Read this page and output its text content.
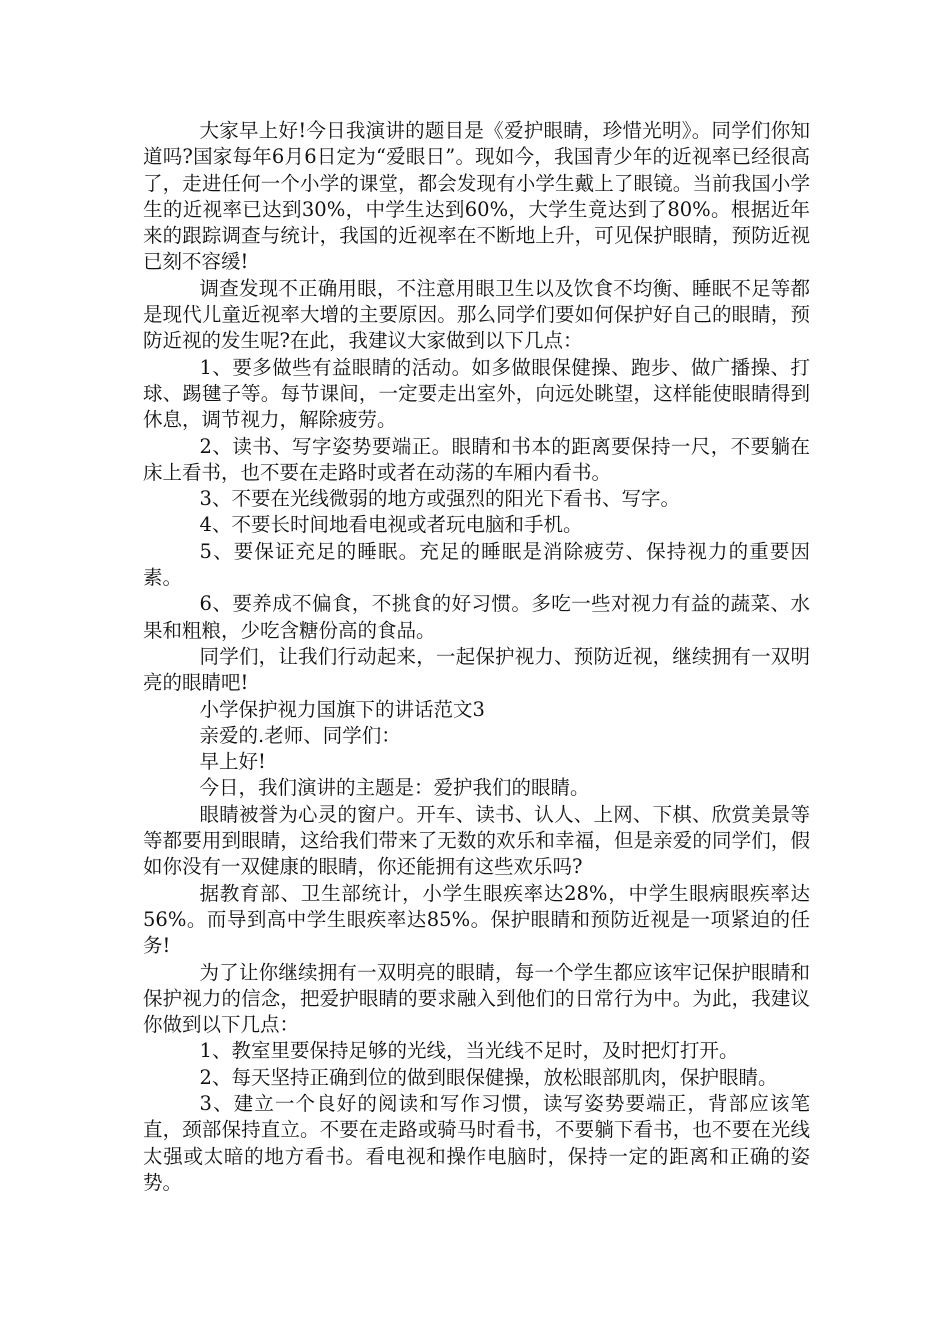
大家早上好!今日我演讲的题目是《爱护眼睛，珍惜光明》。同学们你知道吗?国家每年6月6日定为“爱眼日”。现如今，我国青少年的近视率已经很高了，走进任何一个小学的课堂，都会发现有小学生戴上了眼镜。当前我国小学生的近视率已达到30%，中学生达到60%，大学生竟达到了80%。根据近年来的跟踪调查与统计，我国的近视率在不断地上升，可见保护眼睛，预防近视已刻不容缓!

调查发现不正确用眼，不注意用眼卫生以及饮食不均衡、睡眠不足等都是现代儿童近视率大增的主要原因。那么同学们要如何保护好自己的眼睛，预防近视的发生呢?在此，我建议大家做到以下几点：

1、要多做些有益眼睛的活动。如多做眼保健操、跑步、做广播操、打球、踢毽子等。每节课间，一定要走出室外，向远处眺望，这样能使眼睛得到休息，调节视力，解除疲劳。

2、读书、写字姿势要端正。眼睛和书本的距离要保持一尺，不要躺在床上看书，也不要在走路时或者在动荡的车厢内看书。

3、不要在光线微弱的地方或强烈的阳光下看书、写字。

4、不要长时间地看电视或者玩电脑和手机。

5、要保证充足的睡眠。充足的睡眠是消除疲劳、保持视力的重要因素。

6、要养成不偏食，不挑食的好习惯。多吃一些对视力有益的蔬菜、水果和粗粮，少吃含糖份高的食品。

同学们，让我们行动起来，一起保护视力、预防近视，继续拥有一双明亮的眼睛吧!

小学保护视力国旗下的讲话范文3

亲爱的.老师、同学们：

早上好!

今日，我们演讲的主题是：爱护我们的眼睛。

眼睛被誉为心灵的窗户。开车、读书、认人、上网、下棋、欣赏美景等等都要用到眼睛，这给我们带来了无数的欢乐和幸福，但是亲爱的同学们，假如你没有一双健康的眼睛，你还能拥有这些欢乐吗?

据教育部、卫生部统计，小学生眼疾率达28%，中学生眼病眼疾率达56%。而导到高中学生眼疾率达85%。保护眼睛和预防近视是一项紧迫的任务!

为了让你继续拥有一双明亮的眼睛，每一个学生都应该牢记保护眼睛和保护视力的信念，把爱护眼睛的要求融入到他们的日常行为中。为此，我建议你做到以下几点：

1、教室里要保持足够的光线，当光线不足时，及时把灯打开。

2、每天坚持正确到位的做到眼保健操，放松眼部肌肉，保护眼睛。

3、建立一个良好的阅读和写作习惯，读写姿势要端正，背部应该笔直，颈部保持直立。不要在走路或骑马时看书，不要躺下看书，也不要在光线太强或太暗的地方看书。看电视和操作电脑时，保持一定的距离和正确的姿势。
